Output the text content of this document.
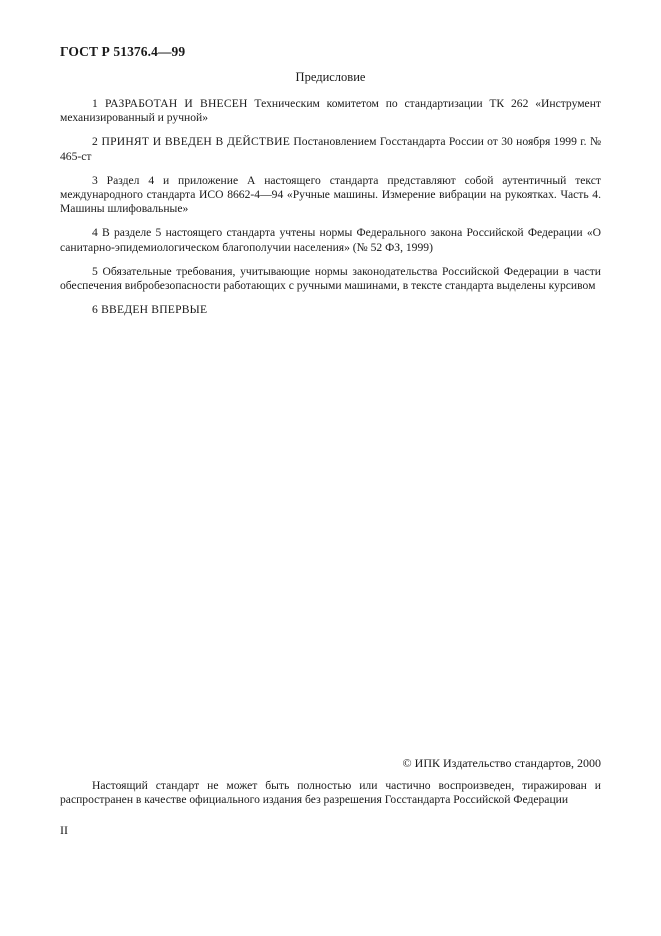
ГОСТ Р 51376.4—99
Предисловие

1 РАЗРАБОТАН И ВНЕСЕН Техническим комитетом по стандартизации ТК 262 «Инструмент механизированный и ручной»

2 ПРИНЯТ И ВВЕДЕН В ДЕЙСТВИЕ Постановлением Госстандарта России от 30 ноября 1999 г. № 465-ст

3 Раздел 4 и приложение А настоящего стандарта представляют собой аутентичный текст международного стандарта ИСО 8662-4—94 «Ручные машины. Измерение вибрации на рукоятках. Часть 4. Машины шлифовальные»

4 В разделе 5 настоящего стандарта учтены нормы Федерального закона Российской Федерации «О санитарно-эпидемиологическом благополучии населения» (№ 52 ФЗ, 1999)

5 Обязательные требования, учитывающие нормы законодательства Российской Федерации в части обеспечения вибробезопасности работающих с ручными машинами, в тексте стандарта выделены курсивом

6 ВВЕДЕН ВПЕРВЫЕ

© ИПК Издательство стандартов, 2000
Настоящий стандарт не может быть полностью или частично воспроизведен, тиражирован и распространен в качестве официального издания без разрешения Госстандарта Российской Федерации
II
